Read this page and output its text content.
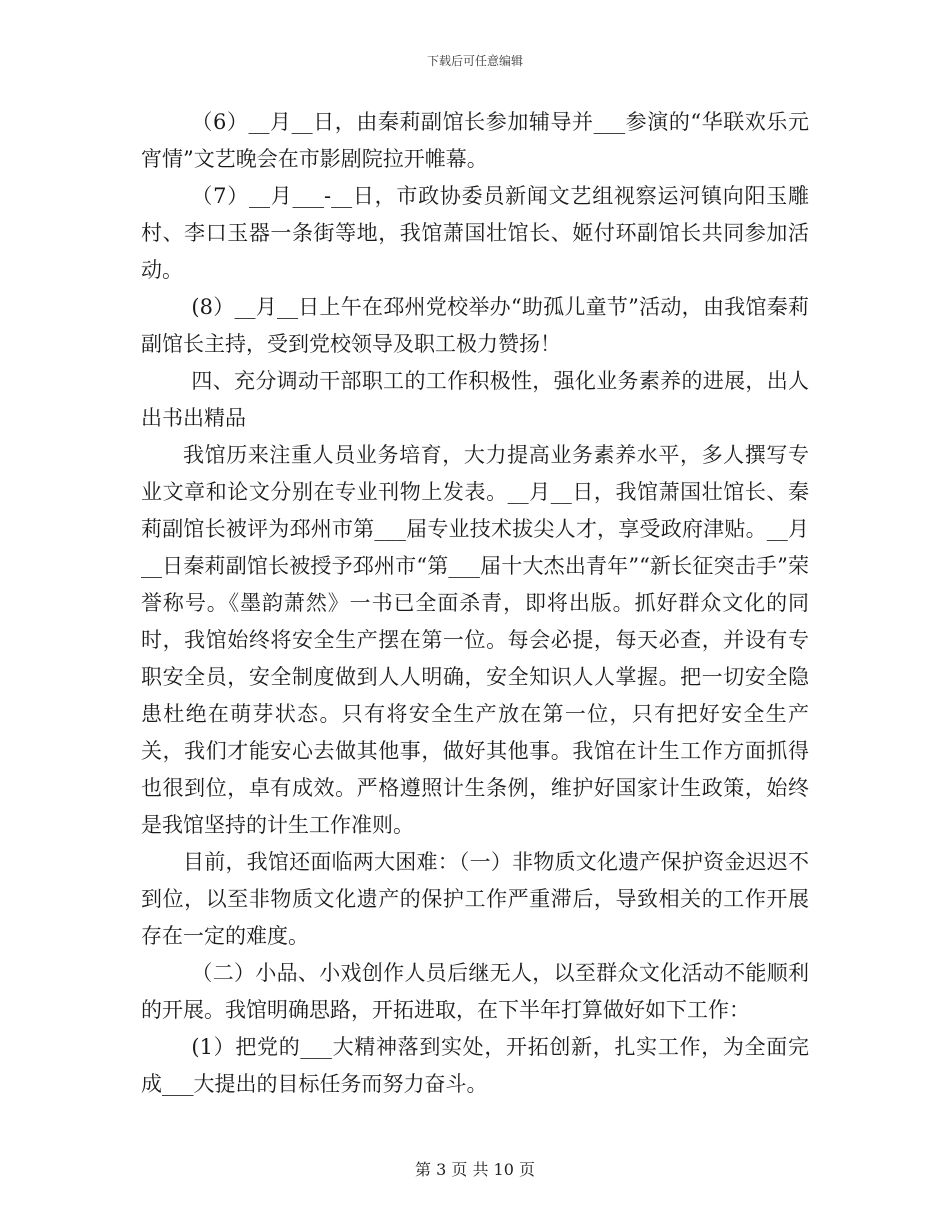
下载后可任意编辑

（6）__月__日，由秦莉副馆长参加辅导并___参演的“华联欢乐元宵情”文艺晚会在市影剧院拉开帷幕。

（7）__月___-__日，市政协委员新闻文艺组视察运河镇向阳玉雕村、李口玉器一条街等地，我馆萧国壮馆长、姬付环副馆长共同参加活动。

(8）__月__日上午在邳州党校举办“助孤儿童节”活动，由我馆秦莉副馆长主持，受到党校领导及职工极力赞扬！

四、充分调动干部职工的工作积极性，强化业务素养的进展，出人出书出精品

我馆历来注重人员业务培育，大力提高业务素养水平，多人撰写专业文章和论文分别在专业刊物上发表。__月__日，我馆萧国壮馆长、秦莉副馆长被评为邳州市第___届专业技术拔尖人才，享受政府津贴。__月__日秦莉副馆长被授予邳州市“第___届十大杰出青年”“新长征突击手”荣誉称号。《墨韵萧然》一书已全面杀青，即将出版。抓好群众文化的同时，我馆始终将安全生产摆在第一位。每会必提，每天必查，并设有专职安全员，安全制度做到人人明确，安全知识人人掌握。把一切安全隐患杜绝在萌芽状态。只有将安全生产放在第一位，只有把好安全生产关，我们才能安心去做其他事，做好其他事。我馆在计生工作方面抓得也很到位，卓有成效。严格遵照计生条例，维护好国家计生政策，始终是我馆坚持的计生工作准则。

目前，我馆还面临两大困难：（一）非物质文化遗产保护资金迟迟不到位，以至非物质文化遗产的保护工作严重滞后，导致相关的工作开展存在一定的难度。

（二）小品、小戏创作人员后继无人，以至群众文化活动不能顺利的开展。我馆明确思路，开拓进取，在下半年打算做好如下工作：

(1）把党的___大精神落到实处，开拓创新，扎实工作，为全面完成___大提出的目标任务而努力奋斗。

第 3 页 共 10 页
